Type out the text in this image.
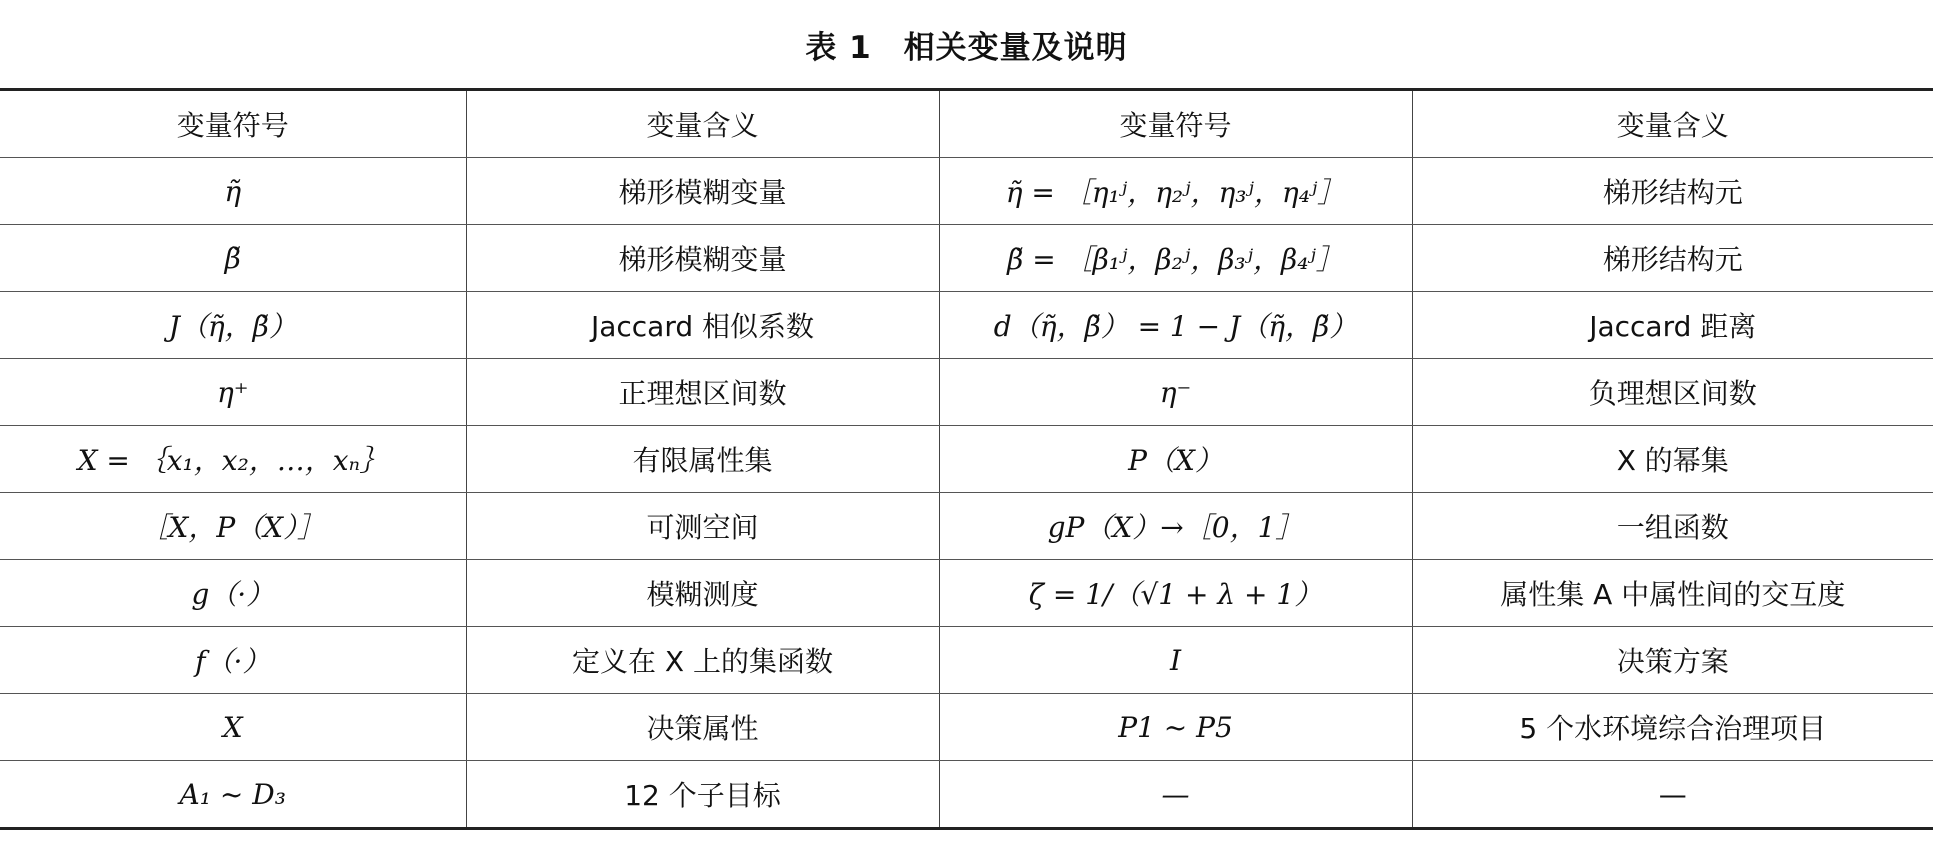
表 1　相关变量及说明
变量符号	变量含义	变量符号	变量含义
η̃	梯形模糊变量	η̃ = ［η₁ʲ，η₂ʲ，η₃ʲ，η₄ʲ］	梯形结构元
β̃	梯形模糊变量	β̃ = ［β₁ʲ，β₂ʲ，β₃ʲ，β₄ʲ］	梯形结构元
J（η̃，β̃）	Jaccard 相似系数	d（η̃，β̃） = 1 − J（η̃，β̃）	Jaccard 距离
η⁺	正理想区间数	η⁻	负理想区间数
X = ｛x₁，x₂，…，xₙ｝	有限属性集	P（X）	X 的幂集
［X，P（X）］	可测空间	gP（X）→［0，1］	一组函数
g（·）	模糊测度	ζ = 1/（√1 + λ + 1）	属性集 A 中属性间的交互度
f（·）	定义在 X 上的集函数	I	决策方案
X	决策属性	P1 ~ P5	5 个水环境综合治理项目
A₁ ~ D₃	12 个子目标	—	—
